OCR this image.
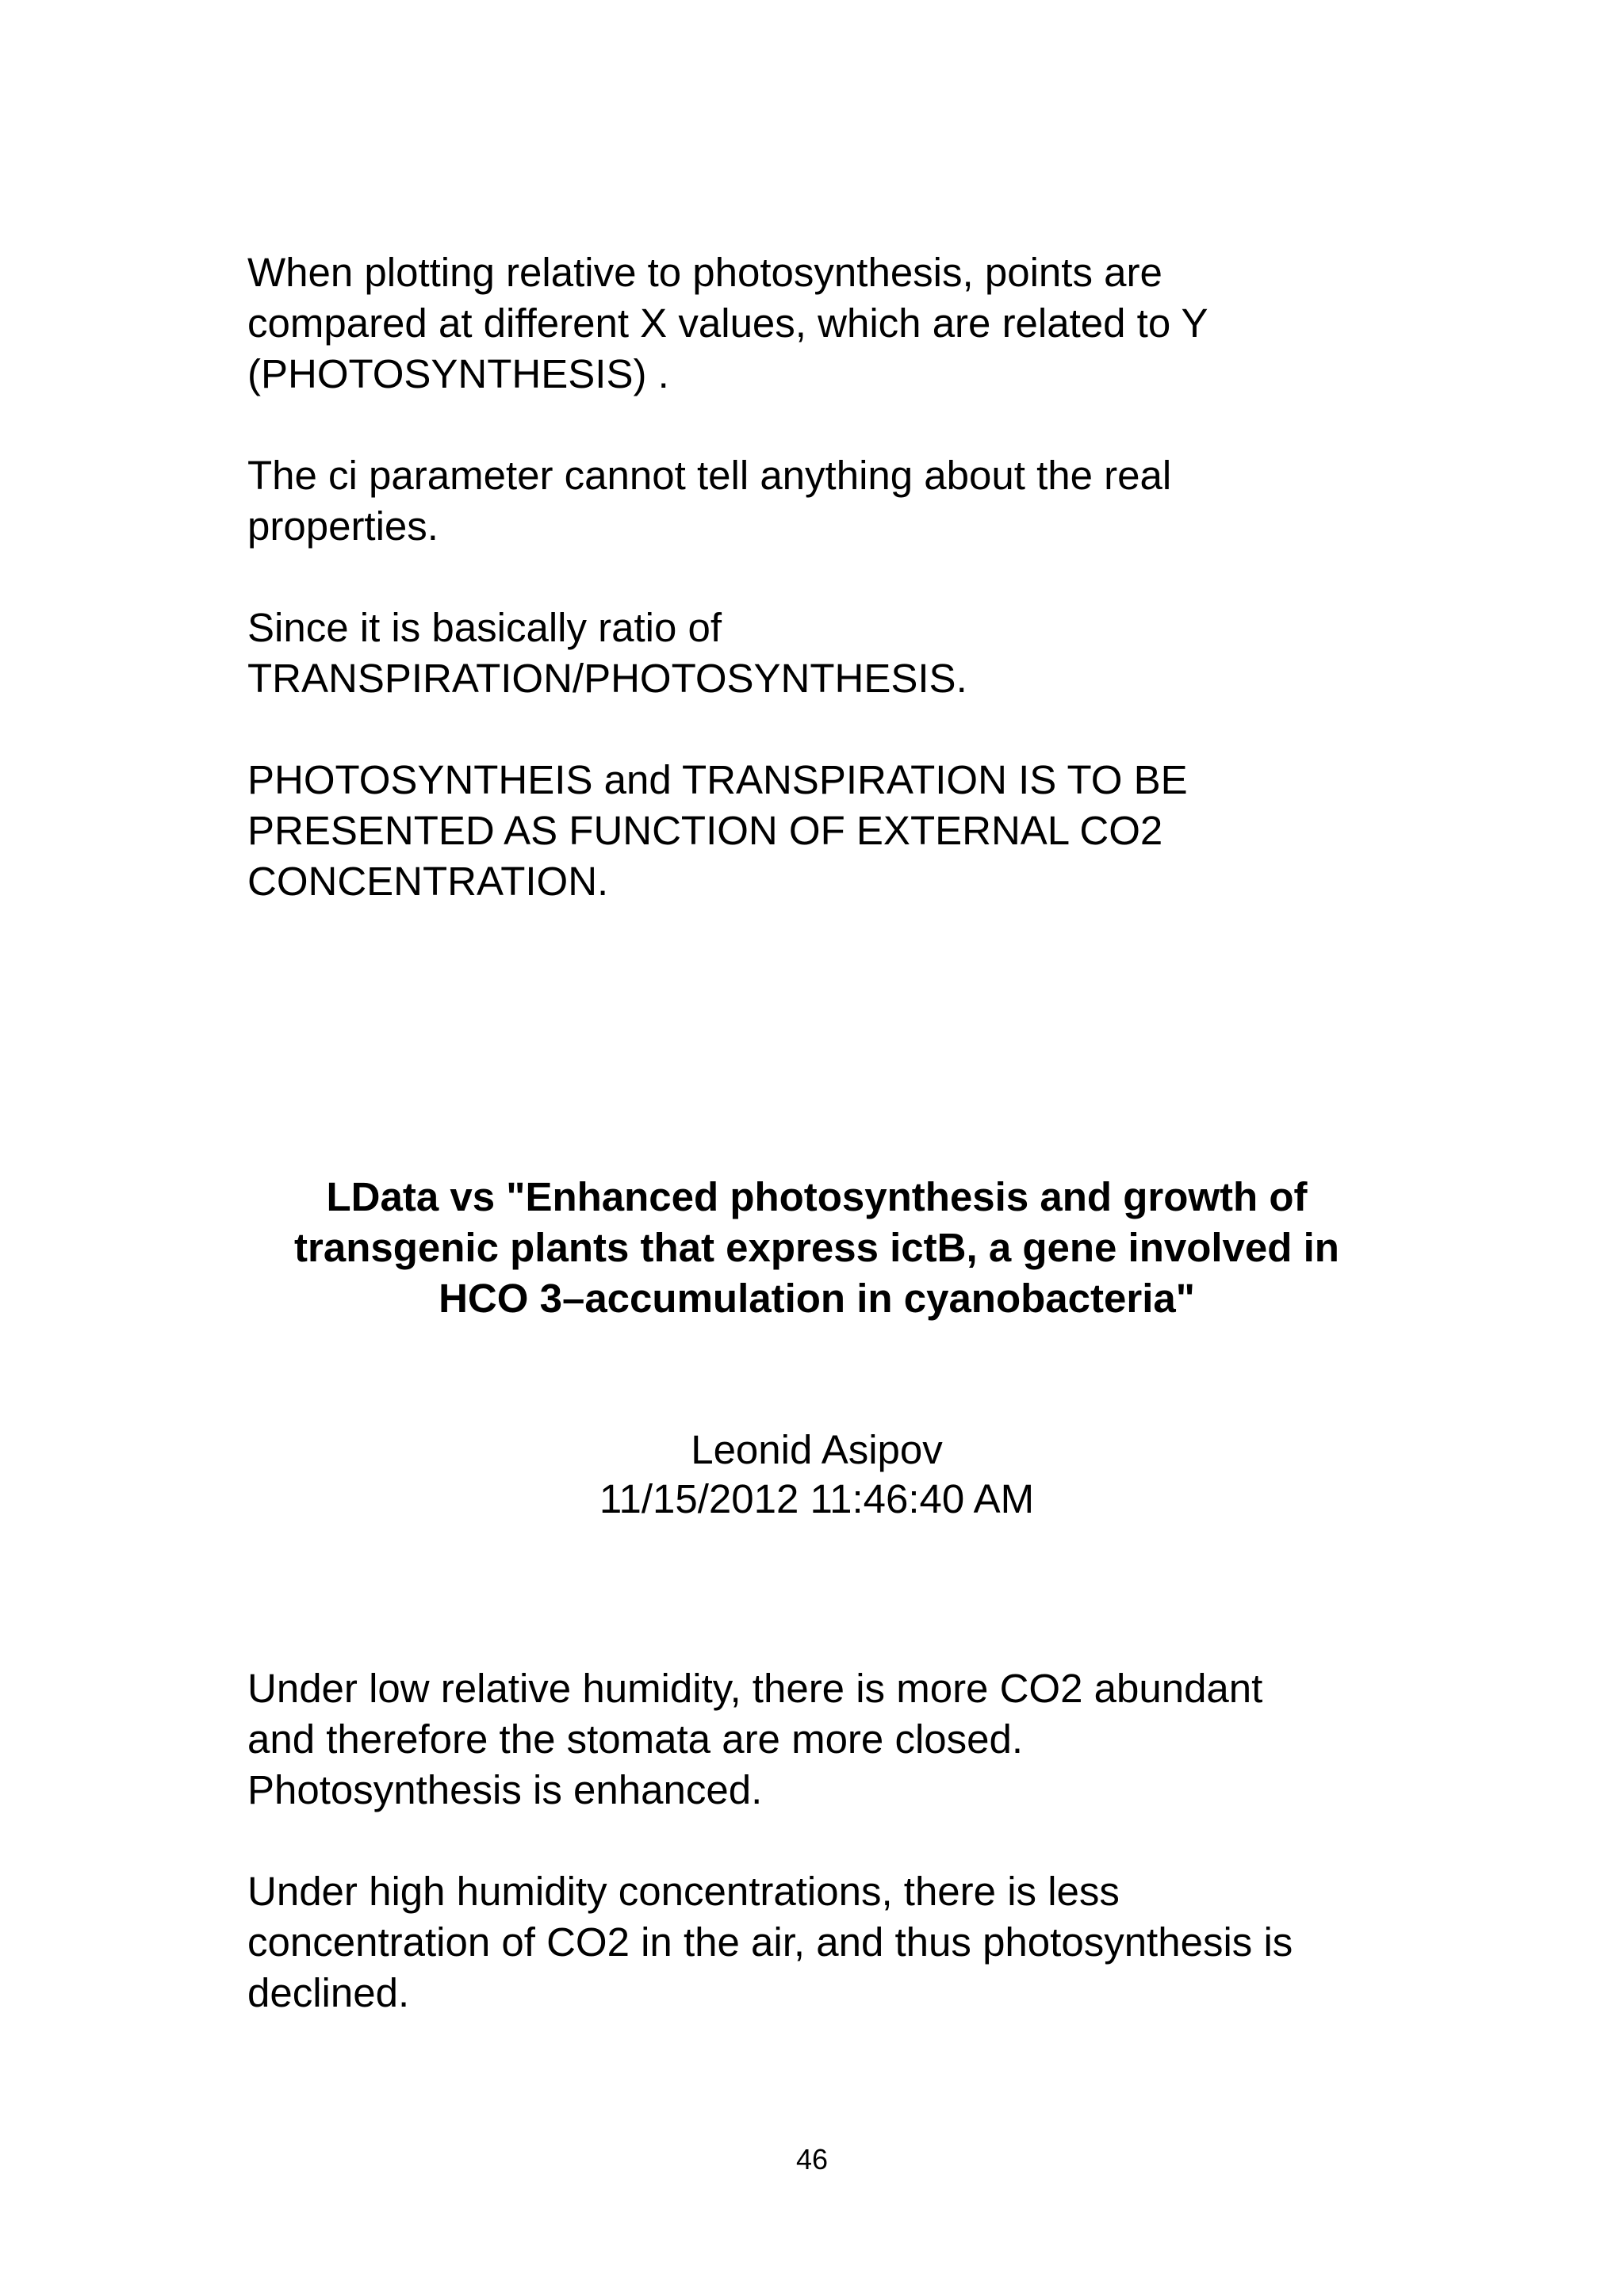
When plotting relative to photosynthesis, points are
compared at different X values, which are related to Y
(PHOTOSYNTHESIS) .

The ci parameter cannot tell anything about the real
properties.

Since it is basically ratio of
TRANSPIRATION/PHOTOSYNTHESIS.

PHOTOSYNTHEIS and TRANSPIRATION IS TO BE
PRESENTED AS FUNCTION OF EXTERNAL CO2
CONCENTRATION.

LData vs "Enhanced photosynthesis and growth of
transgenic plants that express ictB, a gene involved in
HCO 3–accumulation in cyanobacteria"
Leonid Asipov
11/15/2012 11:46:40 AM

Under low relative humidity, there is more CO2 abundant
and therefore the stomata are more closed.
Photosynthesis is enhanced.

Under high humidity concentrations, there is less
concentration of CO2 in the air, and thus photosynthesis is
declined.

46
